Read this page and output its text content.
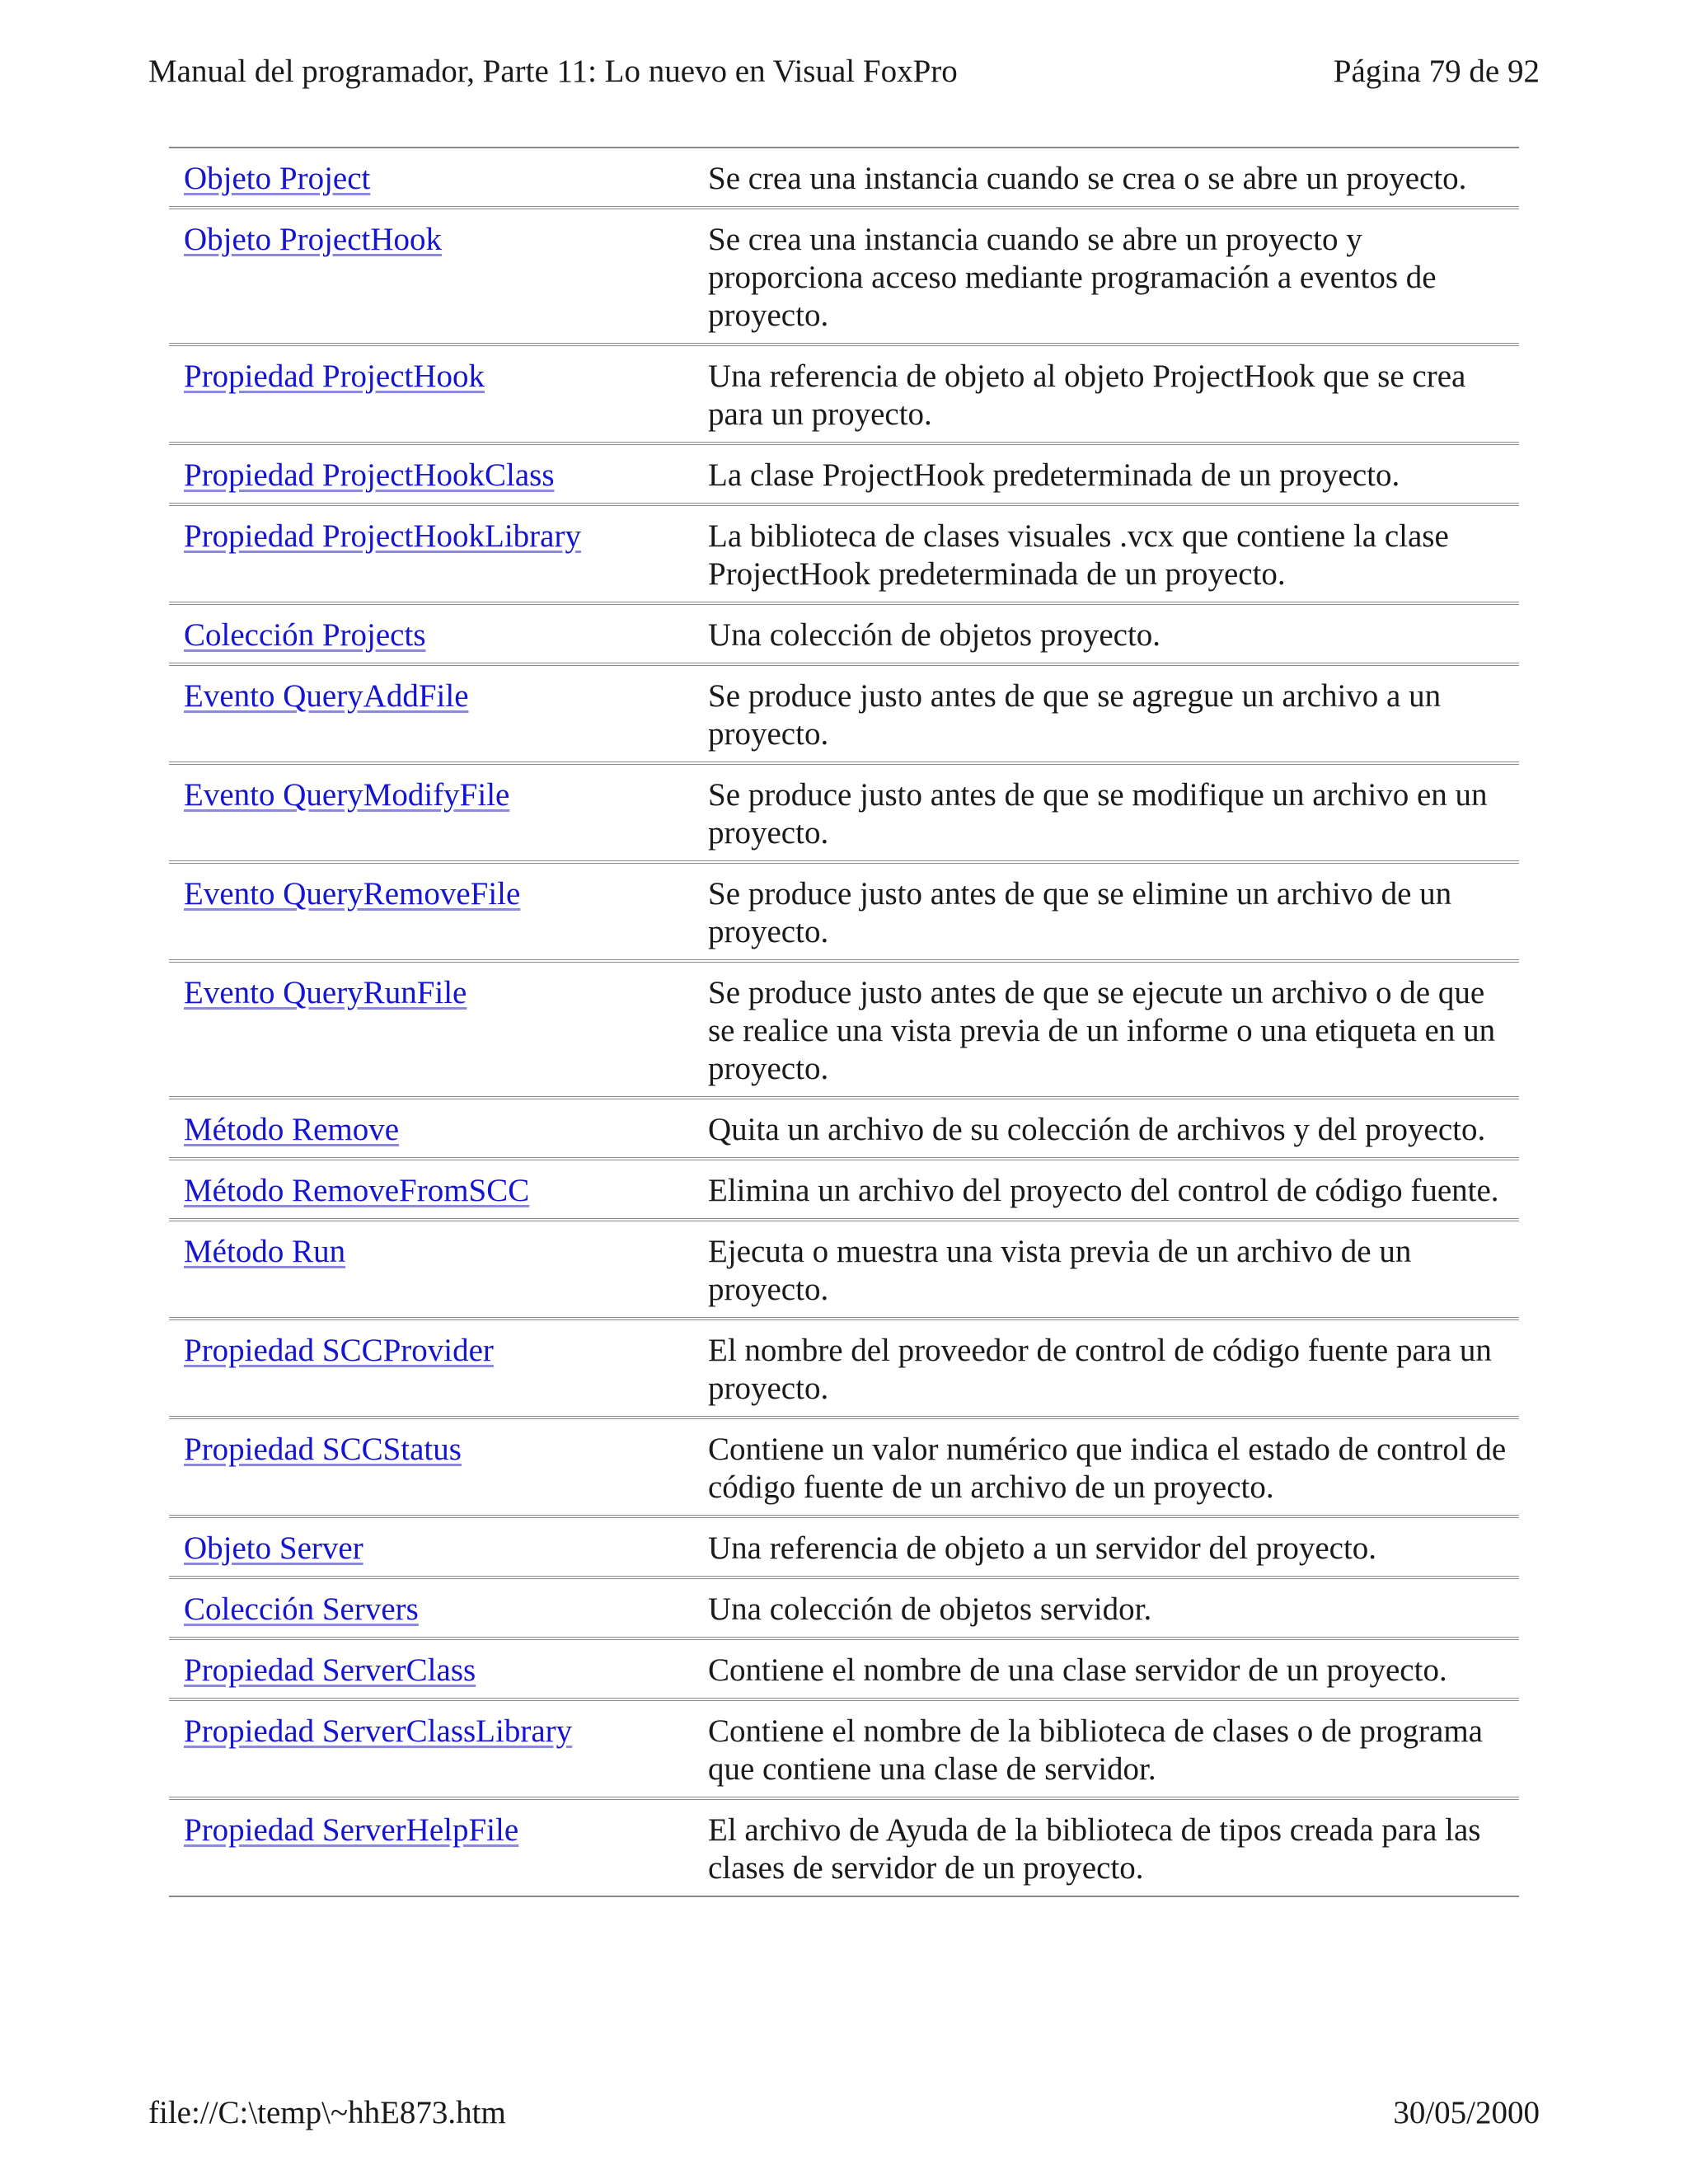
Manual del programador, Parte 11: Lo nuevo en Visual FoxPro	Página 79 de 92
Objeto Project	Se crea una instancia cuando se crea o se abre un proyecto.
Objeto ProjectHook	Se crea una instancia cuando se abre un proyecto y proporciona acceso mediante programación a eventos de proyecto.
Propiedad ProjectHook	Una referencia de objeto al objeto ProjectHook que se crea para un proyecto.
Propiedad ProjectHookClass	La clase ProjectHook predeterminada de un proyecto.
Propiedad ProjectHookLibrary	La biblioteca de clases visuales .vcx que contiene la clase ProjectHook predeterminada de un proyecto.
Colección Projects	Una colección de objetos proyecto.
Evento QueryAddFile	Se produce justo antes de que se agregue un archivo a un proyecto.
Evento QueryModifyFile	Se produce justo antes de que se modifique un archivo en un proyecto.
Evento QueryRemoveFile	Se produce justo antes de que se elimine un archivo de un proyecto.
Evento QueryRunFile	Se produce justo antes de que se ejecute un archivo o de que se realice una vista previa de un informe o una etiqueta en un proyecto.
Método Remove	Quita un archivo de su colección de archivos y del proyecto.
Método RemoveFromSCC	Elimina un archivo del proyecto del control de código fuente.
Método Run	Ejecuta o muestra una vista previa de un archivo de un proyecto.
Propiedad SCCProvider	El nombre del proveedor de control de código fuente para un proyecto.
Propiedad SCCStatus	Contiene un valor numérico que indica el estado de control de código fuente de un archivo de un proyecto.
Objeto Server	Una referencia de objeto a un servidor del proyecto.
Colección Servers	Una colección de objetos servidor.
Propiedad ServerClass	Contiene el nombre de una clase servidor de un proyecto.
Propiedad ServerClassLibrary	Contiene el nombre de la biblioteca de clases o de programa que contiene una clase de servidor.
Propiedad ServerHelpFile	El archivo de Ayuda de la biblioteca de tipos creada para las clases de servidor de un proyecto.
file://C:\temp\~hhE873.htm	30/05/2000
